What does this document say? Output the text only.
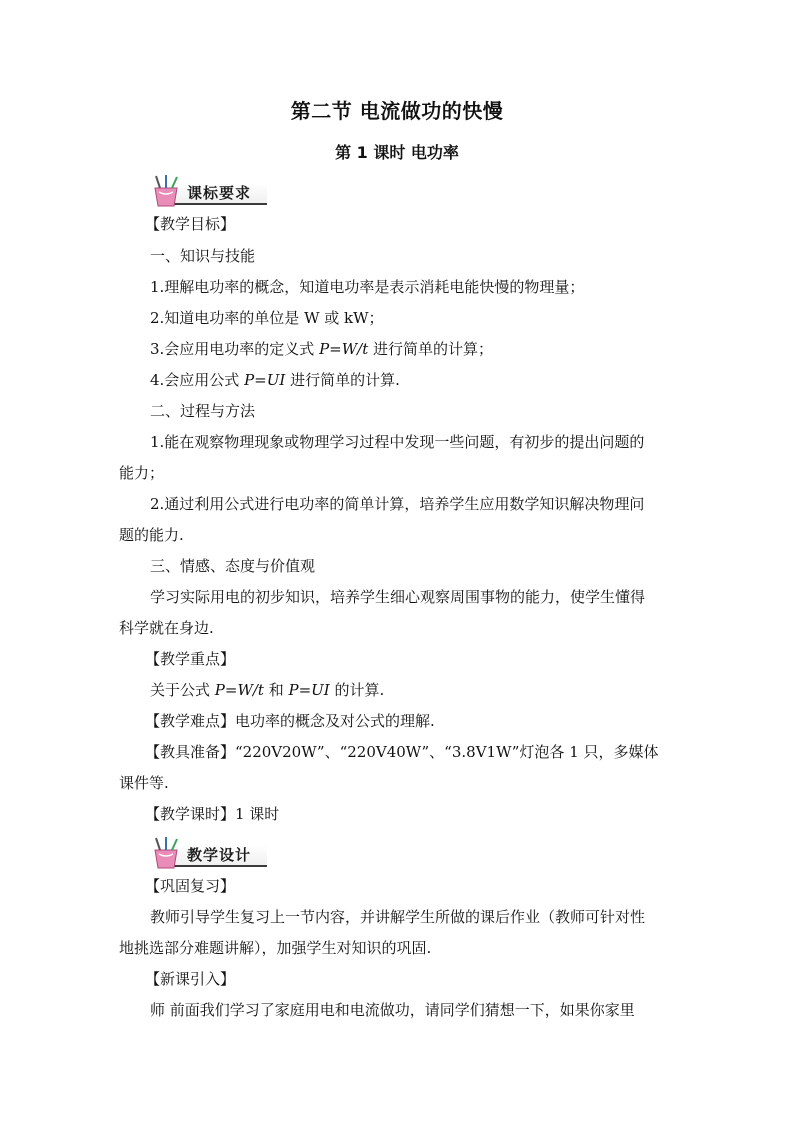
第二节 电流做功的快慢
第 1 课时 电功率
课标要求
【教学目标】
一、知识与技能
1.理解电功率的概念，知道电功率是表示消耗电能快慢的物理量；
2.知道电功率的单位是 W 或 kW；
3.会应用电功率的定义式 P=W/t 进行简单的计算；
4.会应用公式 P=UI 进行简单的计算.
二、过程与方法
1.能在观察物理现象或物理学习过程中发现一些问题，有初步的提出问题的
能力；
2.通过利用公式进行电功率的简单计算，培养学生应用数学知识解决物理问
题的能力.
三、情感、态度与价值观
学习实际用电的初步知识，培养学生细心观察周围事物的能力，使学生懂得
科学就在身边.
【教学重点】
关于公式 P=W/t 和 P=UI 的计算.
【教学难点】电功率的概念及对公式的理解.
【教具准备】“220V20W”、“220V40W”、“3.8V1W”灯泡各 1 只，多媒体
课件等.
【教学课时】1 课时
教学设计
【巩固复习】
教师引导学生复习上一节内容，并讲解学生所做的课后作业（教师可针对性
地挑选部分难题讲解），加强学生对知识的巩固.
【新课引入】
师 前面我们学习了家庭用电和电流做功，请同学们猜想一下，如果你家里
